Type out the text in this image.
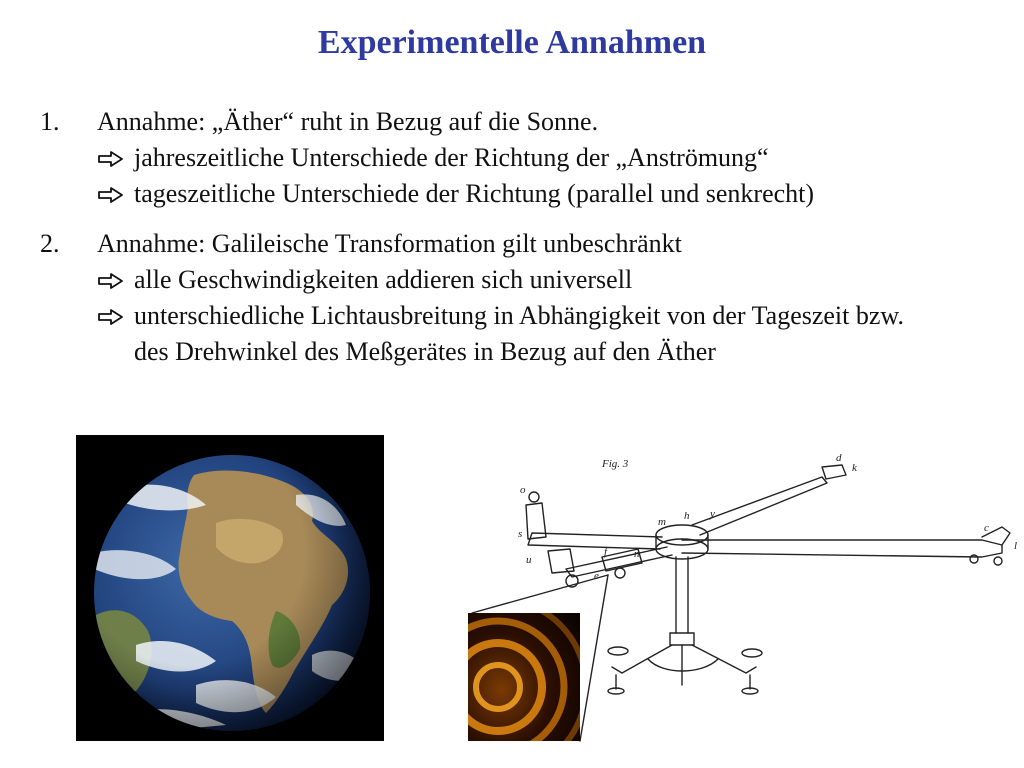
Experimentelle Annahmen
1. Annahme: „Äther“ ruht in Bezug auf die Sonne.
jahreszeitliche Unterschiede der Richtung der „Anströmung“
tageszeitliche Unterschiede der Richtung (parallel und senkrecht)
2. Annahme: Galileische Transformation gilt unbeschränkt
alle Geschwindigkeiten addieren sich universell
unterschiedliche Lichtausbreitung in Abhängigkeit von der Tageszeit bzw. des Drehwinkel des Meßgerätes in Bezug auf den Äther
Fig. 3
o
s
u
m h y
n
f
e
d
k
c
l
